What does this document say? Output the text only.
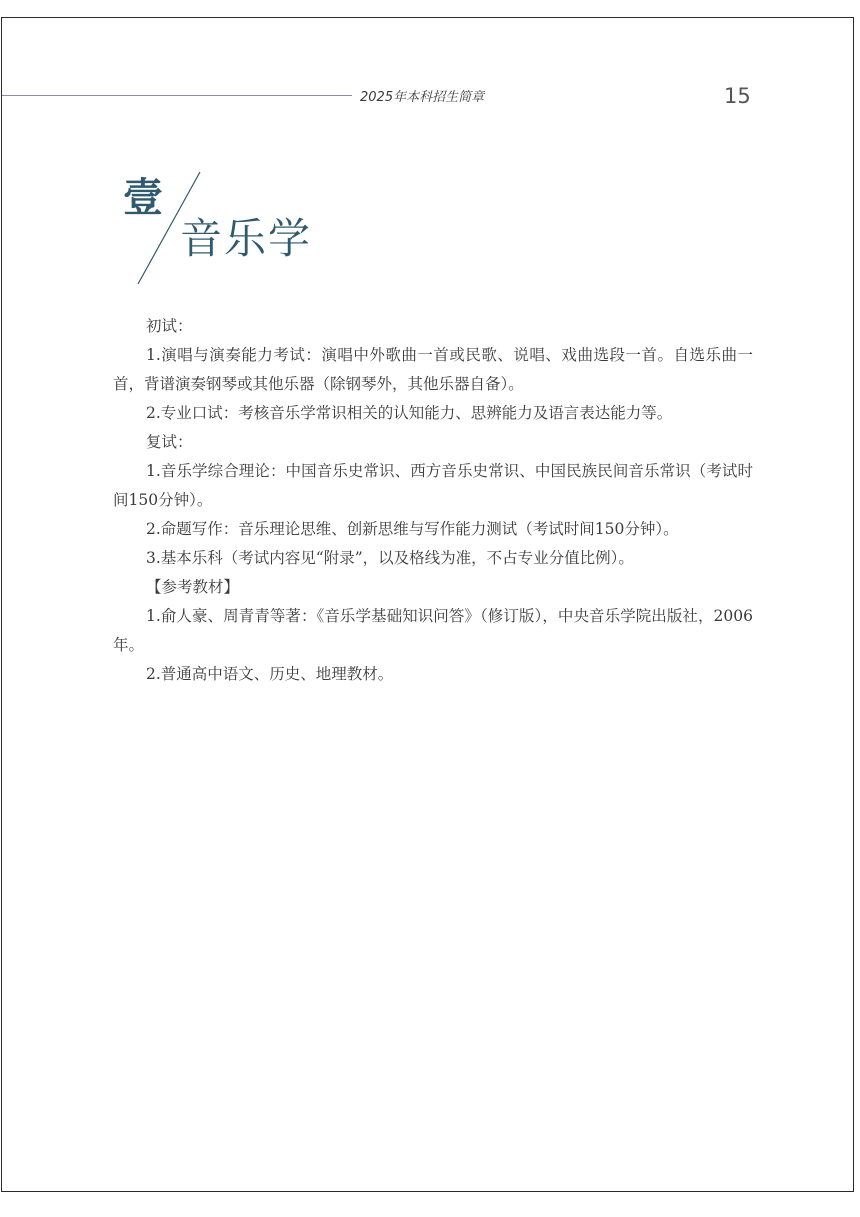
2025年本科招生简章	15
壹
音乐学

初试：

1.演唱与演奏能力考试：演唱中外歌曲一首或民歌、说唱、戏曲选段一首。自选乐曲一首，背谱演奏钢琴或其他乐器（除钢琴外，其他乐器自备）。

2.专业口试：考核音乐学常识相关的认知能力、思辨能力及语言表达能力等。

复试：

1.音乐学综合理论：中国音乐史常识、西方音乐史常识、中国民族民间音乐常识（考试时间150分钟）。

2.命题写作：音乐理论思维、创新思维与写作能力测试（考试时间150分钟）。

3.基本乐科（考试内容见“附录”，以及格线为准，不占专业分值比例）。

【参考教材】

1.俞人豪、周青青等著：《音乐学基础知识问答》（修订版），中央音乐学院出版社，2006年。

2.普通高中语文、历史、地理教材。
